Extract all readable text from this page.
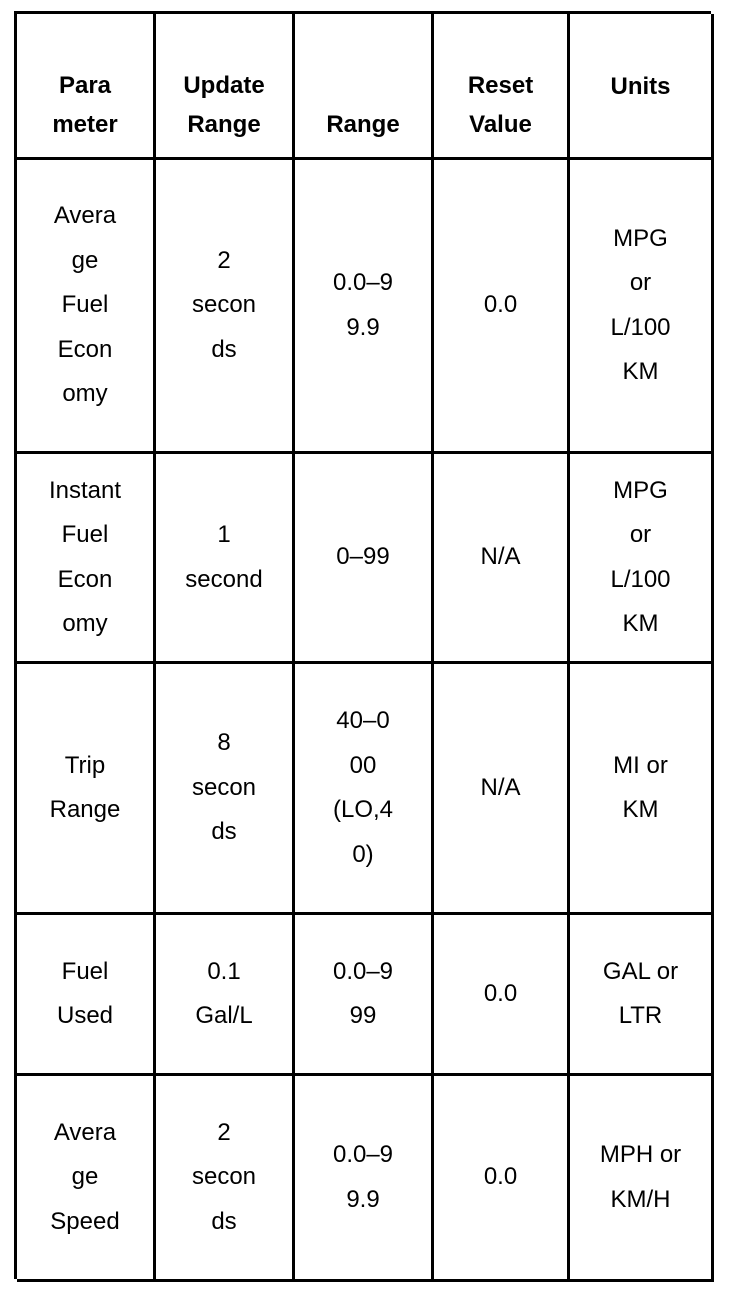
Para
meter
Update
Range	Range
Reset
Value
Units
Avera
ge
Fuel
Econ
omy
2
secon
ds
0.0–9
9.9
0.0
MPG
or
L/100
KM
Instant
Fuel
Econ
omy
1
second
0–99	N/A
MPG
or
L/100
KM
Trip
Range
8
secon
ds
40–0
00
(LO,4
0)
N/A
MI or
KM
Fuel
Used
0.1
Gal/L
0.0–9
99
0.0
GAL or
LTR
Avera
ge
Speed
2
secon
ds
0.0–9
9.9
0.0
MPH or
KM/H
